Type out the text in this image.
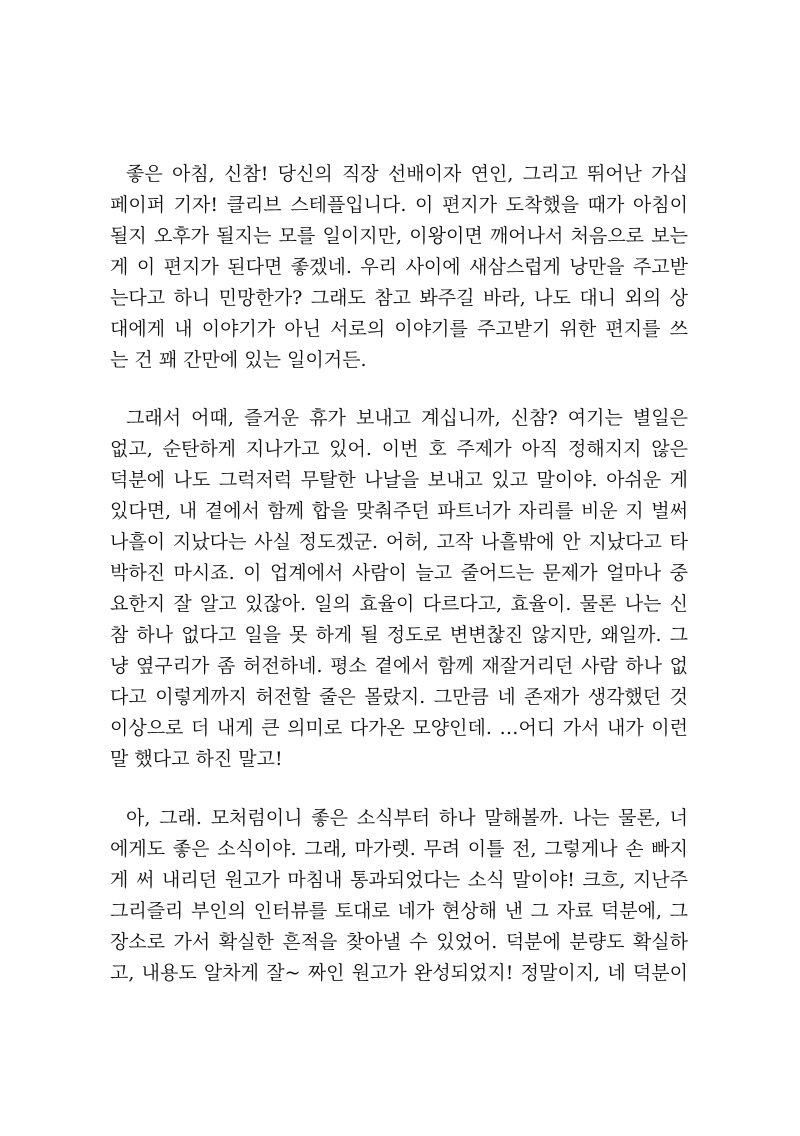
좋은 아침, 신참! 당신의 직장 선배이자 연인, 그리고 뛰어난 가십
페이퍼 기자! 클리브 스테플입니다. 이 편지가 도착했을 때가 아침이
될지 오후가 될지는 모를 일이지만, 이왕이면 깨어나서 처음으로 보는
게 이 편지가 된다면 좋겠네. 우리 사이에 새삼스럽게 낭만을 주고받
는다고 하니 민망한가? 그래도 참고 봐주길 바라, 나도 대니 외의 상
대에게 내 이야기가 아닌 서로의 이야기를 주고받기 위한 편지를 쓰
는 건 꽤 간만에 있는 일이거든.
그래서 어때, 즐거운 휴가 보내고 계십니까, 신참? 여기는 별일은
없고, 순탄하게 지나가고 있어. 이번 호 주제가 아직 정해지지 않은
덕분에 나도 그럭저럭 무탈한 나날을 보내고 있고 말이야. 아쉬운 게
있다면, 내 곁에서 함께 합을 맞춰주던 파트너가 자리를 비운 지 벌써
나흘이 지났다는 사실 정도겠군. 어허, 고작 나흘밖에 안 지났다고 타
박하진 마시죠. 이 업계에서 사람이 늘고 줄어드는 문제가 얼마나 중
요한지 잘 알고 있잖아. 일의 효율이 다르다고, 효율이. 물론 나는 신
참 하나 없다고 일을 못 하게 될 정도로 변변찮진 않지만, 왜일까. 그
냥 옆구리가 좀 허전하네. 평소 곁에서 함께 재잘거리던 사람 하나 없
다고 이렇게까지 허전할 줄은 몰랐지. 그만큼 네 존재가 생각했던 것
이상으로 더 내게 큰 의미로 다가온 모양인데. …어디 가서 내가 이런
말 했다고 하진 말고!
아, 그래. 모처럼이니 좋은 소식부터 하나 말해볼까. 나는 물론, 너
에게도 좋은 소식이야. 그래, 마가렛. 무려 이틀 전, 그렇게나 손 빠지
게 써 내리던 원고가 마침내 통과되었다는 소식 말이야! 크흐, 지난주
그리즐리 부인의 인터뷰를 토대로 네가 현상해 낸 그 자료 덕분에, 그
장소로 가서 확실한 흔적을 찾아낼 수 있었어. 덕분에 분량도 확실하
고, 내용도 알차게 잘~ 짜인 원고가 완성되었지! 정말이지, 네 덕분이
